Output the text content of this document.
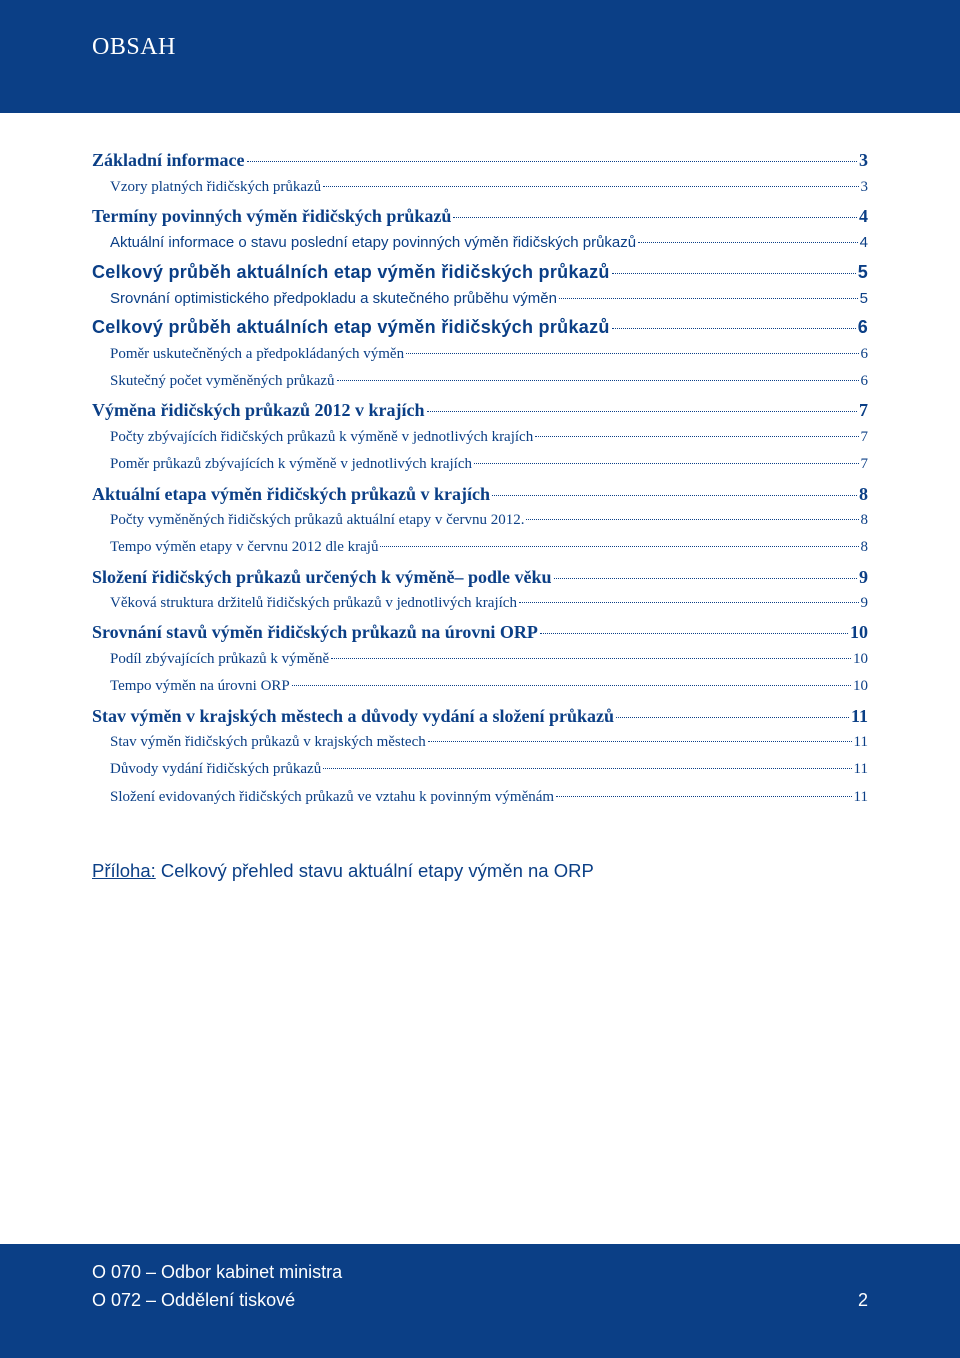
OBSAH
Základní informace	3
Vzory platných řidičských průkazů	3
Termíny povinných výměn řidičských průkazů	4
Aktuální informace o stavu poslední etapy povinných výměn řidičských průkazů	4
Celkový průběh aktuálních etap výměn řidičských průkazů	5
Srovnání optimistického předpokladu a skutečného průběhu výměn	5
Celkový průběh aktuálních etap výměn řidičských průkazů	6
Poměr uskutečněných a předpokládaných výměn	6
Skutečný počet vyměněných průkazů	6
Výměna řidičských průkazů 2012 v krajích	7
Počty zbývajících řidičských průkazů k výměně v jednotlivých krajích	7
Poměr průkazů zbývajících k výměně v jednotlivých krajích	7
Aktuální etapa výměn řidičských průkazů v krajích	8
Počty vyměněných řidičských průkazů aktuální etapy v červnu 2012.	8
Tempo výměn etapy v červnu 2012 dle krajů	8
Složení řidičských průkazů určených k výměně– podle věku	9
Věková struktura držitelů řidičských průkazů v jednotlivých krajích	9
Srovnání stavů výměn řidičských průkazů na úrovni ORP	10
Podíl zbývajících průkazů k výměně	10
Tempo výměn na úrovni ORP	10
Stav výměn v krajských městech a důvody vydání a složení průkazů	11
Stav výměn řidičských průkazů v krajských městech	11
Důvody vydání řidičských průkazů	11
Složení evidovaných řidičských průkazů ve vztahu k povinným výměnám	11
Příloha: Celkový přehled stavu aktuální etapy výměn na ORP
O 070 – Odbor kabinet ministra
O 072 – Oddělení tiskové	2
